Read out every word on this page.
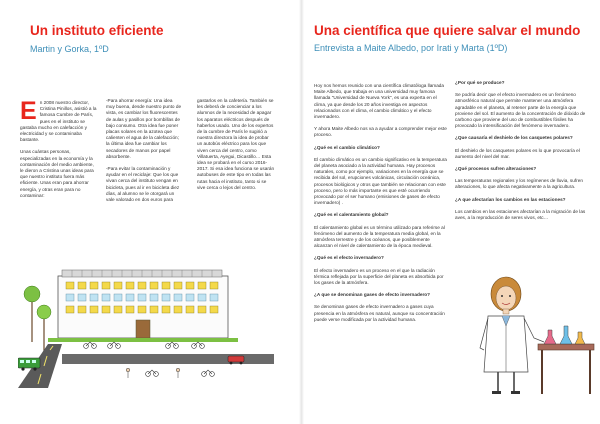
Un instituto eficiente
Martin y Gorka, 1ºD

En 2008 nuestro director, Cristina Pinillos, asistió a la famosa Cumbre de París, pues en el instituto se gastaba mucho en calefacción y electricidad y se contaminaba bastante.

Unas cuántas personas, especializadas en la economía y la contaminación del medio ambiente, le dieron a Cristina unas ideas para que nuestro instituto fuera más eficiente. Unas eran para ahorrar energía, y otras eran para no contaminar:

-Para ahorrar energía: Una idea muy buena, desde nuestro punto de vista, es cambiar los fluorescentes de aulas y pasillos por bombillas de bajo consumo. Otra idea fue poner placas solares en la azotea que calienten el agua de la calefacción; la última idea fue cambiar los secadores de manos por papel absorbente.

-Para evitar la contaminación y ayudar en el reciclaje: Que los que vivan cerca del instituto vengan en bicicleta, pues al ir en bicicleta diez días, al alumno se le otorgará un vale valorado en dos euros para

gastarlos en la cafetería. También se les deberá de concienciar a los alumnos de la necesidad de apagar los aparatos eléctricos después de haberlos usado. Uno de los expertos de la cumbre de París le sugirió a nuestra directora la idea de probar un autobús eléctrico para los que viven cerca del centro, como Villatuerta, Ayegui, Dicastillo… Esta idea se probará en el curso 2016-2017. Si esa idea funciona se usarán autobuses de este tipo en todas las rutas hacia el instituto, tanto si se vive cerca o lejos del centro.

Una científica que quiere salvar el mundo
Entrevista a Maite Albedo, por Irati y Marta (1ºD)

Hoy nos hemos reunido con una científica climatóloga llamada Maite Albedo, que trabaja en una universidad muy famosa llamada "Universidad de Nueva York", es una experta en el clima, ya que desde los 20 años investiga en aspectos relacionados con el clima, el cambio climático y el efecto invernadero.

Y ahora Maite Albedo nos va a ayudar a comprender mejor este proceso.

¿Qué es el cambio climático?

El cambio climático es un cambio significativo en la temperatura del planeta asociado a la actividad humana. Hay procesos naturales, como por ejemplo, variaciones en la energía que se recibida del sol, erupciones volcánicas, circulación oceánica, procesos biológicos y otros que también se relacionan con este proceso, pero lo más importante es que esté ocurriendo provocado por el ser humano (emisiones de gases de efecto invernadero) .

¿Qué es el calentamiento global?

El calentamiento global es un término utilizado para referirse al fenómeno del aumento de la temperatura media global, en la atmósfera terrestre y de los océanos, que posiblemente alcanzan el nivel de calentamiento de la época medieval.

¿Qué es el efecto invernadero?

El efecto invernadero es un proceso en el que la radiación térmica reflejada por la superficie del planeta es absorbida por los gases de la atmósfera.

¿A que se denominan gases de efecto invernadero?

Se denominan gases de efecto invernadero a gases cuya presencia en la atmósfera es natural, aunque su concentración puede verse modificada por la actividad humana.

¿Por qué se produce?

Se podría decir que el efecto invernadero es un fenómeno atmosférico natural que permite mantener una atmósfera agradable en el planeta, al retener parte de la energía que proviene del sol. El aumento de la concentración de dióxido de carbono que proviene del uso de combustibles fósiles ha provocado la intensificación del fenómeno invernadero.

¿Que causaría el deshielo de los casquetes polares?

El deshielo de los casquetes polares es lo que provocaría el aumento del nivel del mar.

¿Qué procesos sufren alteraciones?

Las temperaturas regionales y los regímenes de lluvia, sufren alteraciones, lo que afecta negativamente a la agricultura.

¿A que afectarían los cambios en las estaciones?

Los cambios en las estaciones afectarían a la migración de las aves, a la reproducción de seres vivos, etc…
